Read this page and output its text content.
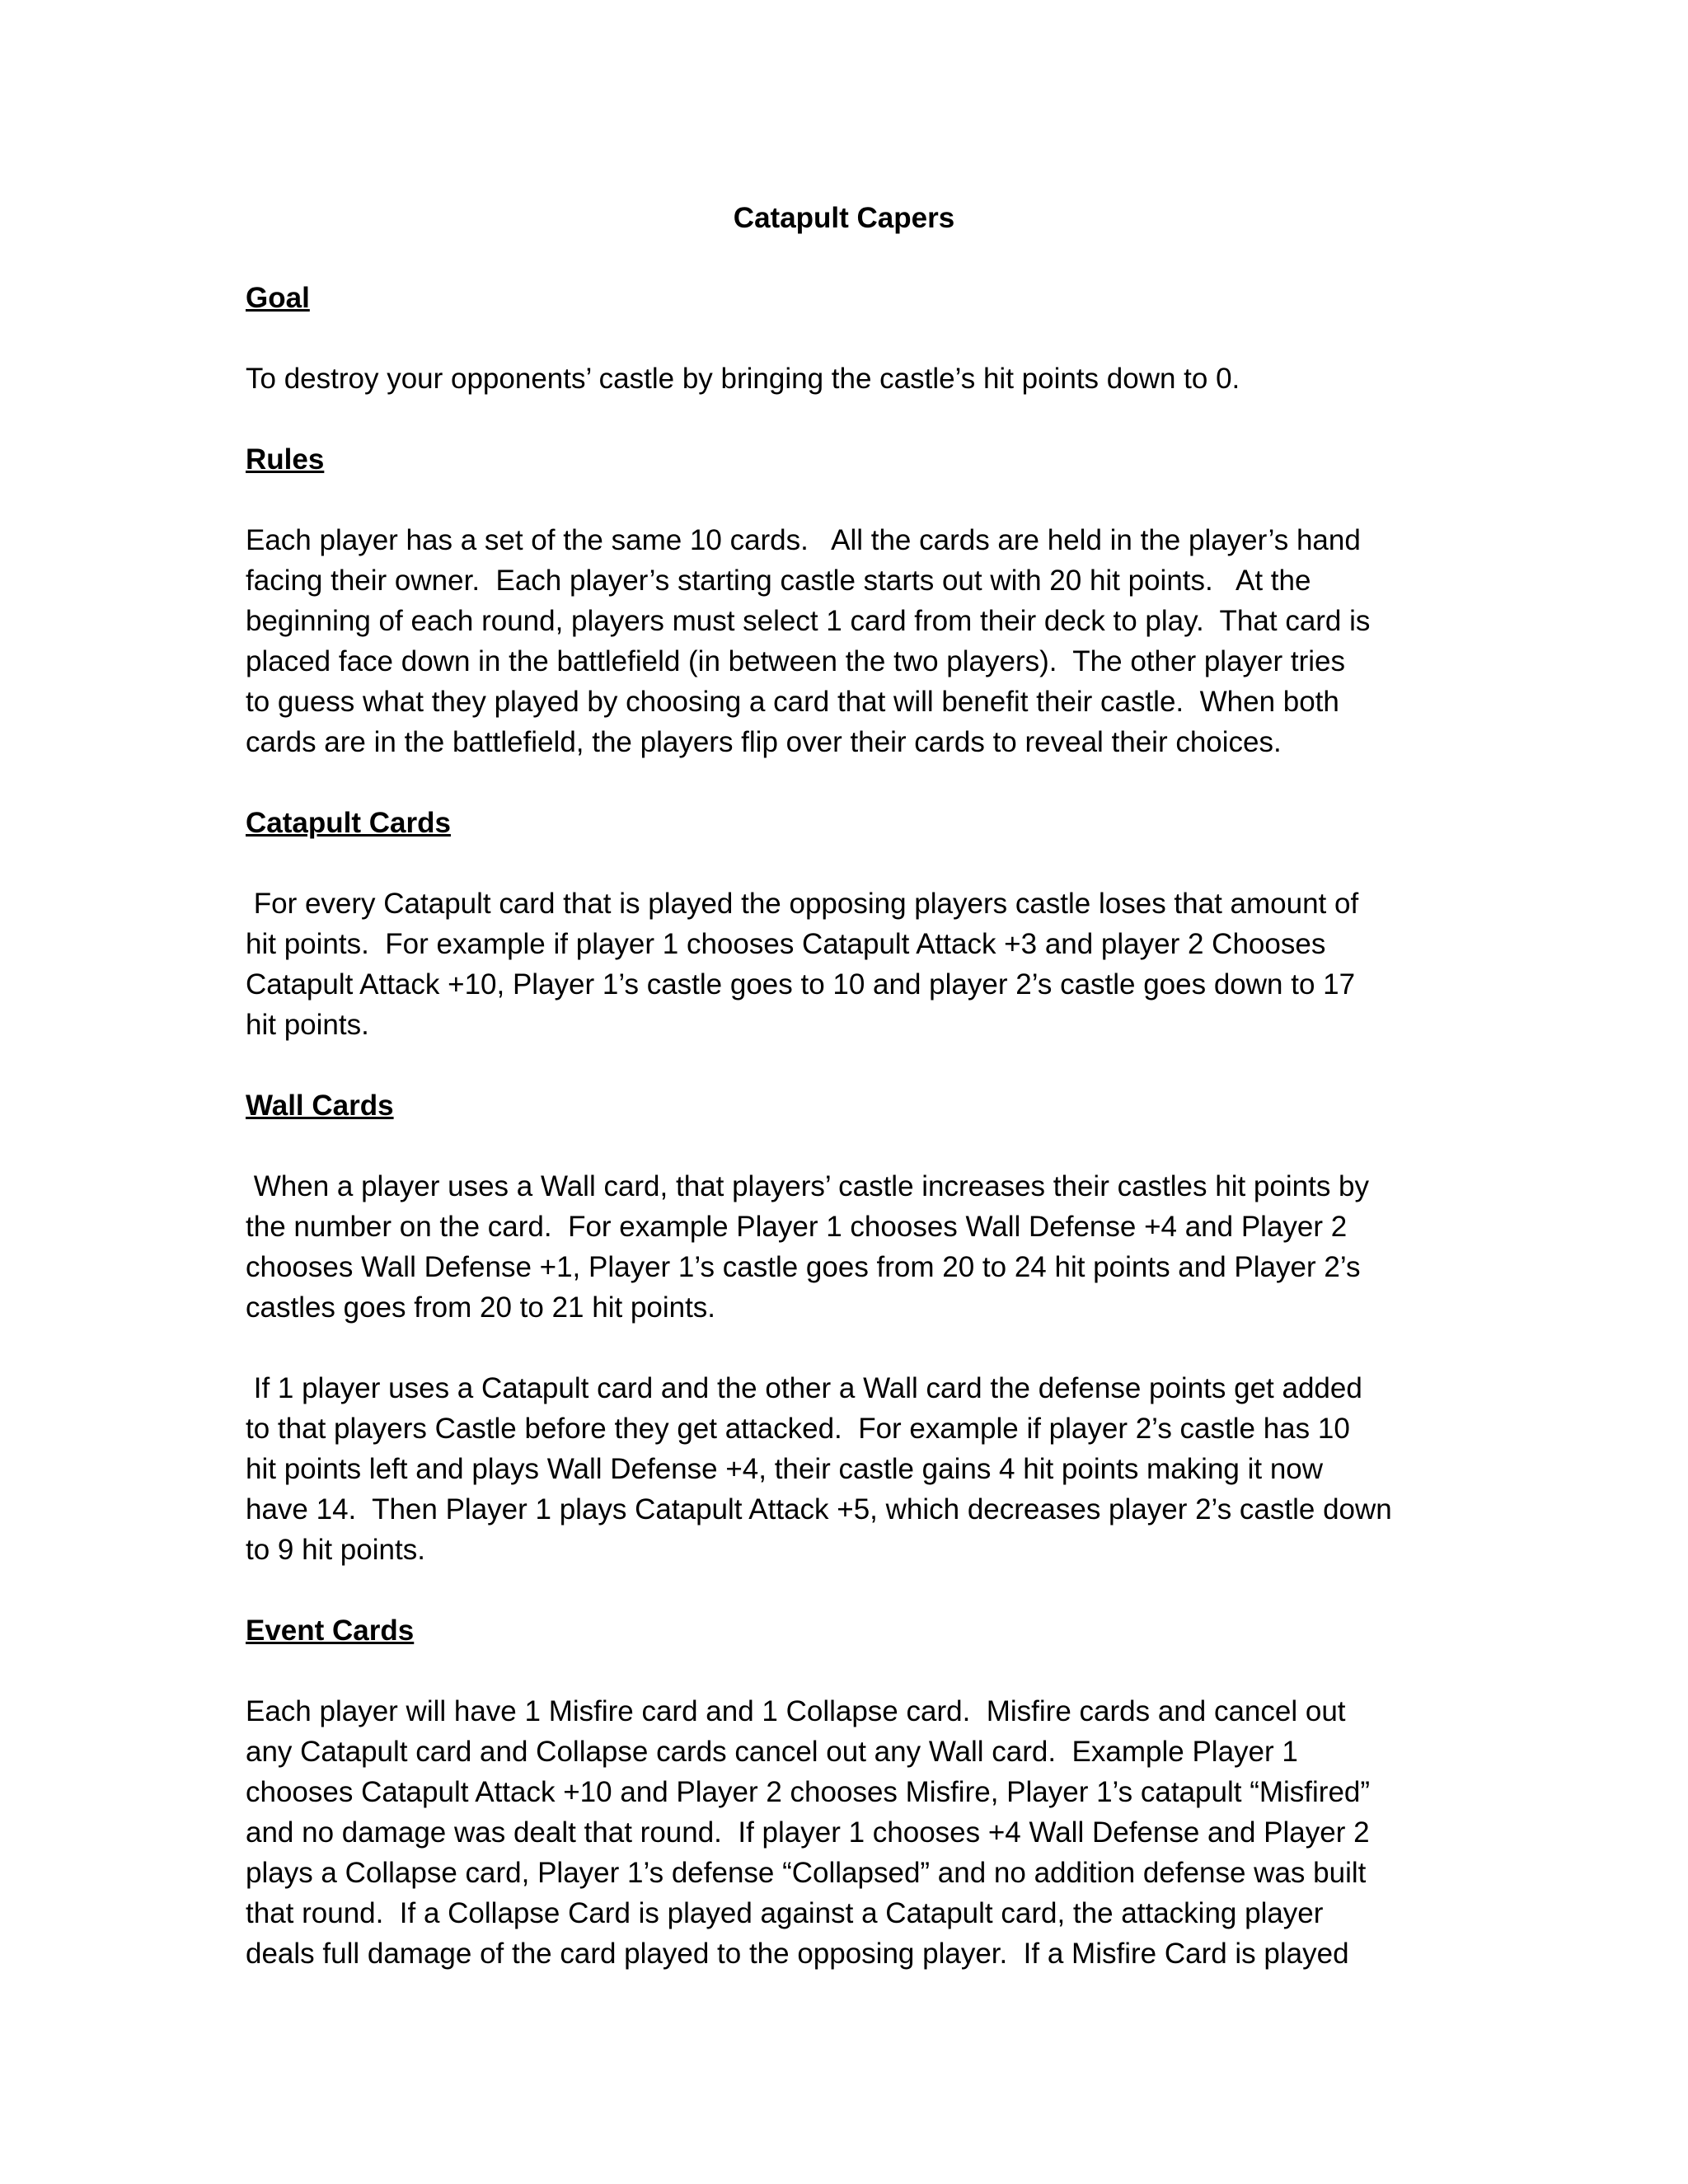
Catapult Capers
Goal

To destroy your opponents’ castle by bringing the castle’s hit points down to 0.

Rules

Each player has a set of the same 10 cards.   All the cards are held in the player’s hand
facing their owner.  Each player’s starting castle starts out with 20 hit points.   At the
beginning of each round, players must select 1 card from their deck to play.  That card is
placed face down in the battlefield (in between the two players).  The other player tries
to guess what they played by choosing a card that will benefit their castle.  When both
cards are in the battlefield, the players flip over their cards to reveal their choices.

Catapult Cards

For every Catapult card that is played the opposing players castle loses that amount of
hit points.  For example if player 1 chooses Catapult Attack +3 and player 2 Chooses
Catapult Attack +10, Player 1’s castle goes to 10 and player 2’s castle goes down to 17
hit points.

Wall Cards

When a player uses a Wall card, that players’ castle increases their castles hit points by
the number on the card.  For example Player 1 chooses Wall Defense +4 and Player 2
chooses Wall Defense +1, Player 1’s castle goes from 20 to 24 hit points and Player 2’s
castles goes from 20 to 21 hit points.

If 1 player uses a Catapult card and the other a Wall card the defense points get added
to that players Castle before they get attacked.  For example if player 2’s castle has 10
hit points left and plays Wall Defense +4, their castle gains 4 hit points making it now
have 14.  Then Player 1 plays Catapult Attack +5, which decreases player 2’s castle down
to 9 hit points.

Event Cards

Each player will have 1 Misfire card and 1 Collapse card.  Misfire cards and cancel out
any Catapult card and Collapse cards cancel out any Wall card.  Example Player 1
chooses Catapult Attack +10 and Player 2 chooses Misfire, Player 1’s catapult “Misfired”
and no damage was dealt that round.  If player 1 chooses +4 Wall Defense and Player 2
plays a Collapse card, Player 1’s defense “Collapsed” and no addition defense was built
that round.  If a Collapse Card is played against a Catapult card, the attacking player
deals full damage of the card played to the opposing player.  If a Misfire Card is played
